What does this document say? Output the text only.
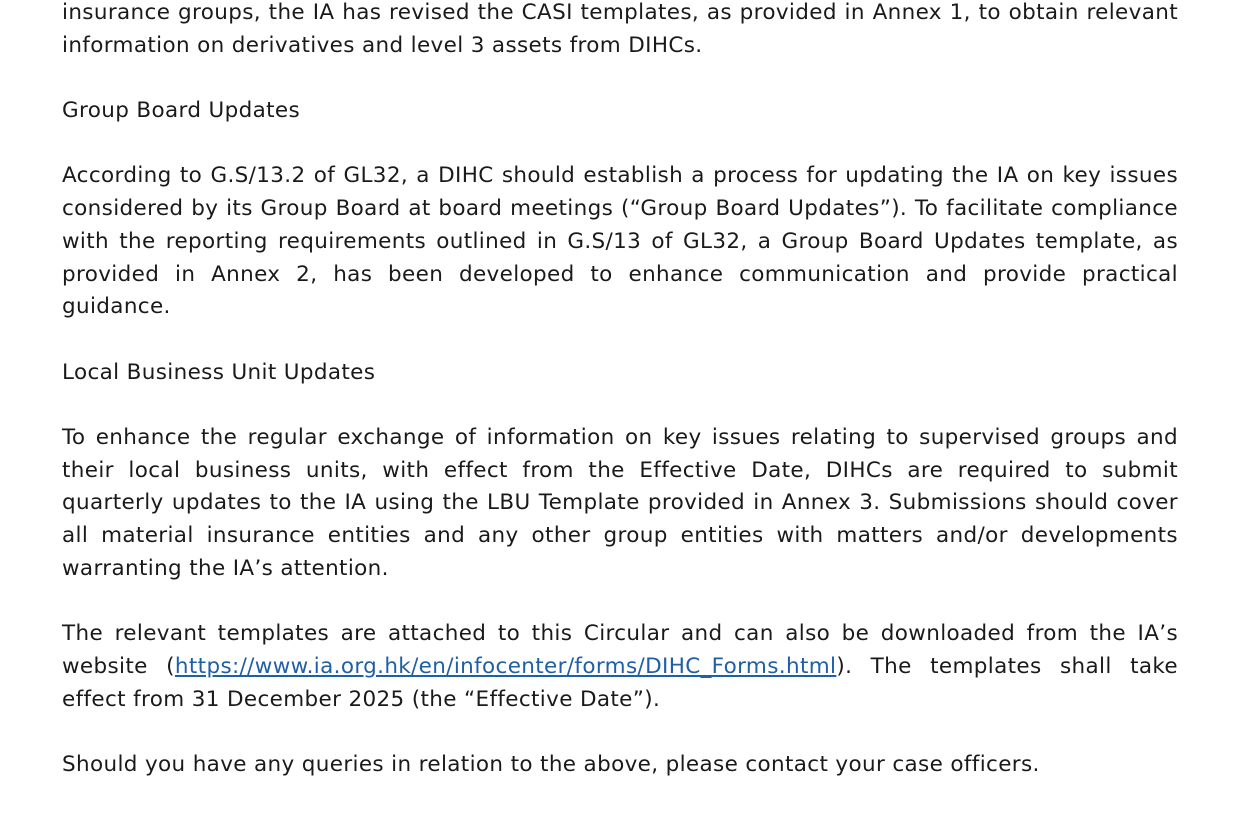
insurance groups, the IA has revised the CASI templates, as provided in Annex 1, to obtain relevant information on derivatives and level 3 assets from DIHCs.

Group Board Updates

According to G.S/13.2 of GL32, a DIHC should establish a process for updating the IA on key issues considered by its Group Board at board meetings (“Group Board Updates”). To facilitate compliance with the reporting requirements outlined in G.S/13 of GL32, a Group Board Updates template, as provided in Annex 2, has been developed to enhance communication and provide practical guidance.

Local Business Unit Updates

To enhance the regular exchange of information on key issues relating to supervised groups and their local business units, with effect from the Effective Date, DIHCs are required to submit quarterly updates to the IA using the LBU Template provided in Annex 3. Submissions should cover all material insurance entities and any other group entities with matters and/or developments warranting the IA’s attention.

The relevant templates are attached to this Circular and can also be downloaded from the IA’s website (https://www.ia.org.hk/en/infocenter/forms/DIHC_Forms.html). The templates shall take effect from 31 December 2025 (the “Effective Date”).

Should you have any queries in relation to the above, please contact your case officers.
